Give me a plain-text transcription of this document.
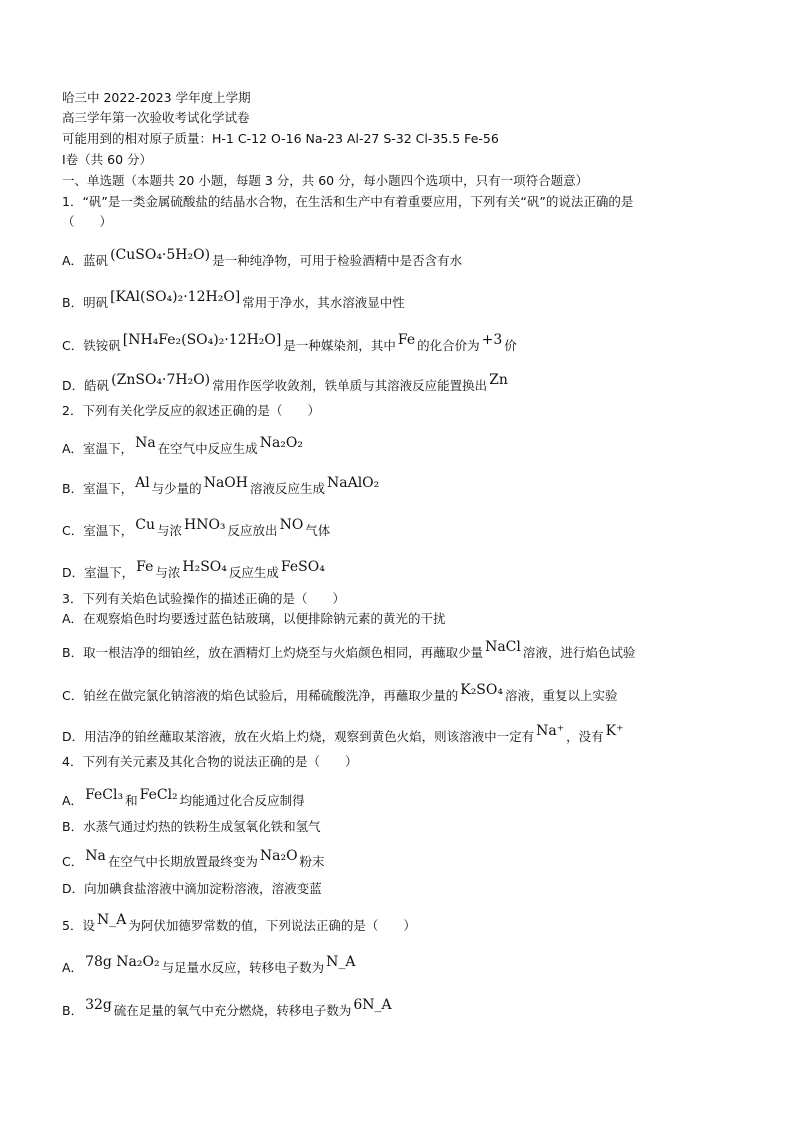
哈三中 2022-2023 学年度上学期
高三学年第一次验收考试化学试卷
可能用到的相对原子质量：H-1 C-12 O-16 Na-23 Al-27 S-32 Cl-35.5 Fe-56
Ⅰ卷（共 60 分）
一、单选题（本题共 20 小题，每题 3 分，共 60 分，每小题四个选项中，只有一项符合题意）
1．“矾”是一类金属硫酸盐的结晶水合物，在生活和生产中有着重要应用，下列有关“矾”的说法正确的是
（　　）
A．蓝矾 (CuSO₄·5H₂O) 是一种纯净物，可用于检验酒精中是否含有水
B．明矾 [KAl(SO₄)₂·12H₂O] 常用于净水，其水溶液显中性
C．铁铵矾 [NH₄Fe₂(SO₄)₂·12H₂O] 是一种媒染剂，其中 Fe 的化合价为 +3 价
D．皓矾 (ZnSO₄·7H₂O) 常用作医学收敛剂，铁单质与其溶液反应能置换出 Zn
2．下列有关化学反应的叙述正确的是（　　）
A．室温下， Na 在空气中反应生成 Na₂O₂
B．室温下， Al 与少量的 NaOH 溶液反应生成 NaAlO₂
C．室温下， Cu 与浓 HNO₃ 反应放出 NO 气体
D．室温下， Fe 与浓 H₂SO₄ 反应生成 FeSO₄
3．下列有关焰色试验操作的描述正确的是（　　）
A．在观察焰色时均要透过蓝色钴玻璃，以便排除钠元素的黄光的干扰
B．取一根洁净的细铂丝，放在酒精灯上灼烧至与火焰颜色相同，再蘸取少量 NaCl 溶液，进行焰色试验
C．铂丝在做完氯化钠溶液的焰色试验后，用稀硫酸洗净，再蘸取少量的 K₂SO₄ 溶液，重复以上实验
D．用洁净的铂丝蘸取某溶液，放在火焰上灼烧，观察到黄色火焰，则该溶液中一定有 Na⁺ ，没有 K⁺
4．下列有关元素及其化合物的说法正确的是（　　）
A． FeCl₃ 和 FeCl₂ 均能通过化合反应制得
B．水蒸气通过灼热的铁粉生成氢氧化铁和氢气
C． Na 在空气中长期放置最终变为 Na₂O 粉末
D．向加碘食盐溶液中滴加淀粉溶液，溶液变蓝
5．设 N_A 为阿伏加德罗常数的值，下列说法正确的是（　　）
A． 78g Na₂O₂ 与足量水反应，转移电子数为 N_A
B． 32g 硫在足量的氧气中充分燃烧，转移电子数为 6N_A
